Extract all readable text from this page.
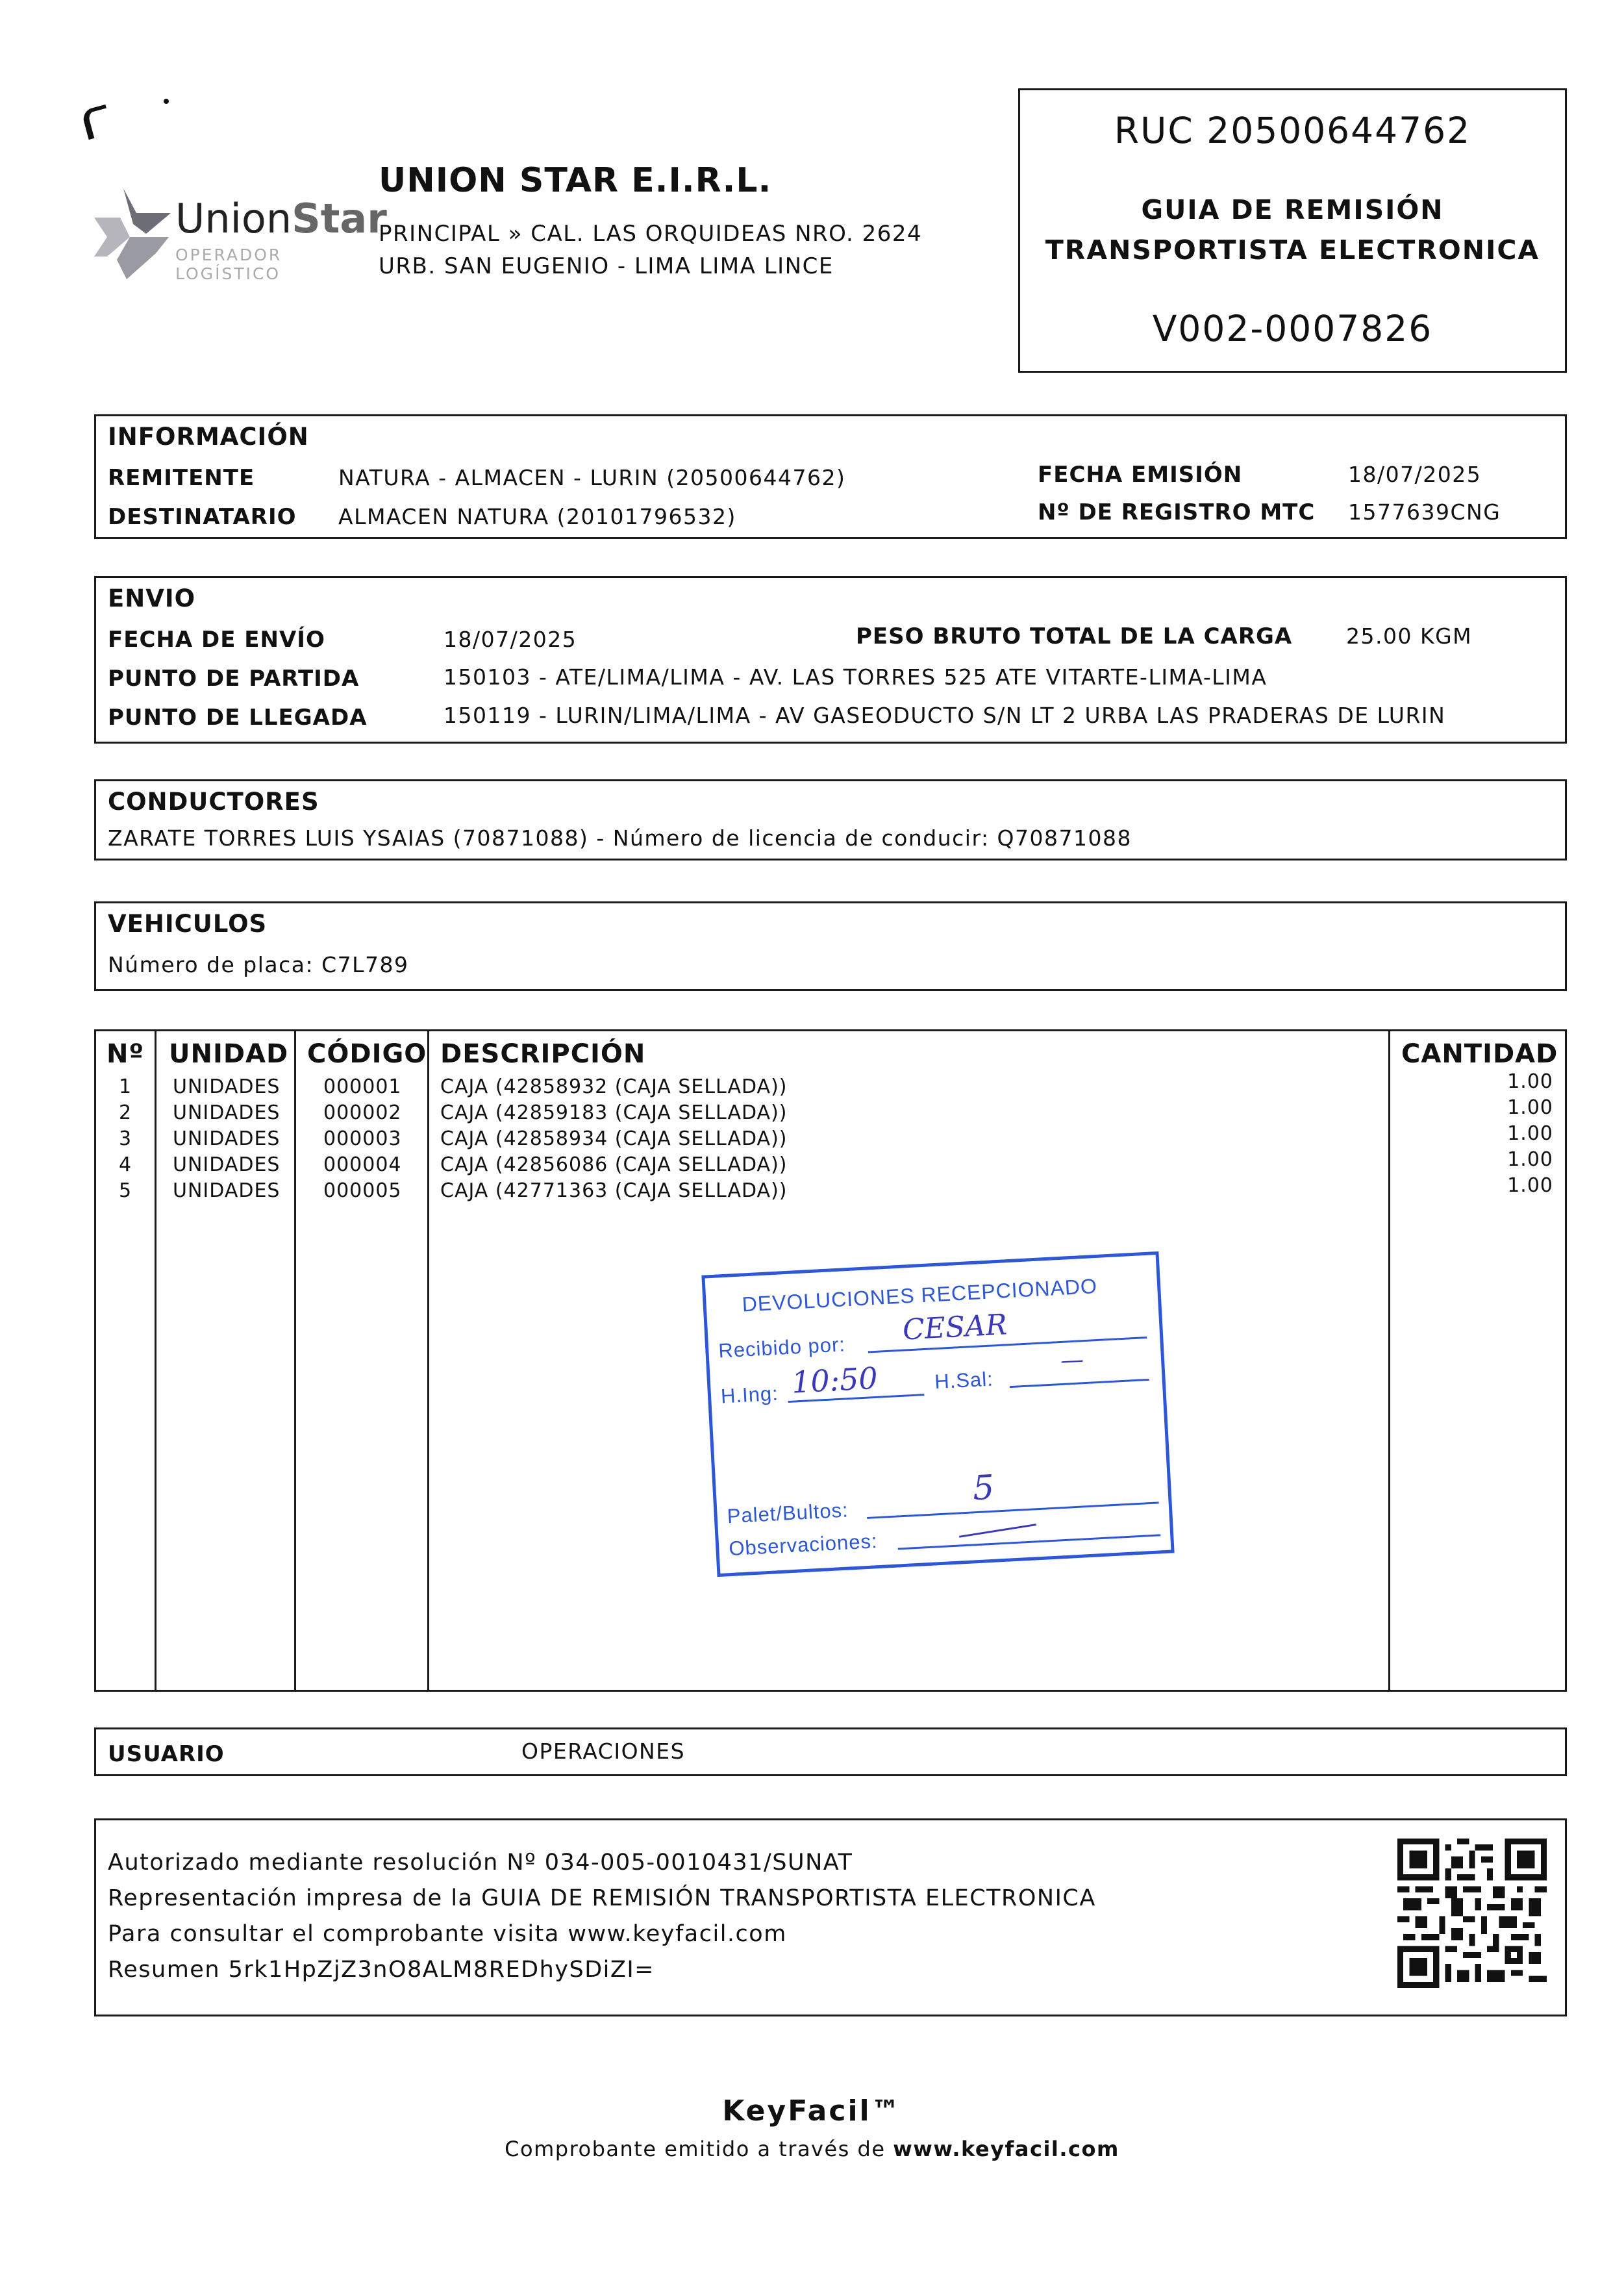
UnionStar
OPERADOR LOGÍSTICO
UNION STAR E.I.R.L.
PRINCIPAL » CAL. LAS ORQUIDEAS NRO. 2624
URB. SAN EUGENIO - LIMA LIMA LINCE
RUC 20500644762
GUIA DE REMISIÓN
TRANSPORTISTA ELECTRONICA
V002-0007826
INFORMACIÓN
REMITENTE	NATURA - ALMACEN - LURIN (20500644762)
DESTINATARIO ALMACEN NATURA (20101796532)
FECHA EMISIÓN	18/07/2025
Nº DE REGISTRO MTC 1577639CNG
ENVIO
FECHA DE ENVÍO	18/07/2025	PESO BRUTO TOTAL DE LA CARGA	25.00 KGM
PUNTO DE PARTIDA	150103 - ATE/LIMA/LIMA - AV. LAS TORRES 525 ATE VITARTE-LIMA-LIMA
PUNTO DE LLEGADA	150119 - LURIN/LIMA/LIMA - AV GASEODUCTO S/N LT 2 URBA LAS PRADERAS DE LURIN
CONDUCTORES
ZARATE TORRES LUIS YSAIAS (70871088) - Número de licencia de conducir: Q70871088
VEHICULOS
Número de placa: C7L789
Nº UNIDAD CÓDIGO DESCRIPCIÓN	CANTIDAD
1 UNIDADES 000001 CAJA (42858932 (CAJA SELLADA))	1.00
2 UNIDADES 000002 CAJA (42859183 (CAJA SELLADA))	1.00
3 UNIDADES 000003 CAJA (42858934 (CAJA SELLADA))	1.00
4 UNIDADES 000004 CAJA (42856086 (CAJA SELLADA))	1.00
5 UNIDADES 000005 CAJA (42771363 (CAJA SELLADA))	1.00
DEVOLUCIONES RECEPCIONADO
Recibido por:
CESAR
H.Ing: 10:50	H.Sal:
—
Palet/Bultos:
5
Observaciones:
USUARIO	OPERACIONES
Autorizado mediante resolución Nº 034-005-0010431/SUNAT
Representación impresa de la GUIA DE REMISIÓN TRANSPORTISTA ELECTRONICA
Para consultar el comprobante visita www.keyfacil.com
Resumen 5rk1HpZjZ3nO8ALM8REDhySDiZI=
KeyFacil™
Comprobante emitido a través de www.keyfacil.com
